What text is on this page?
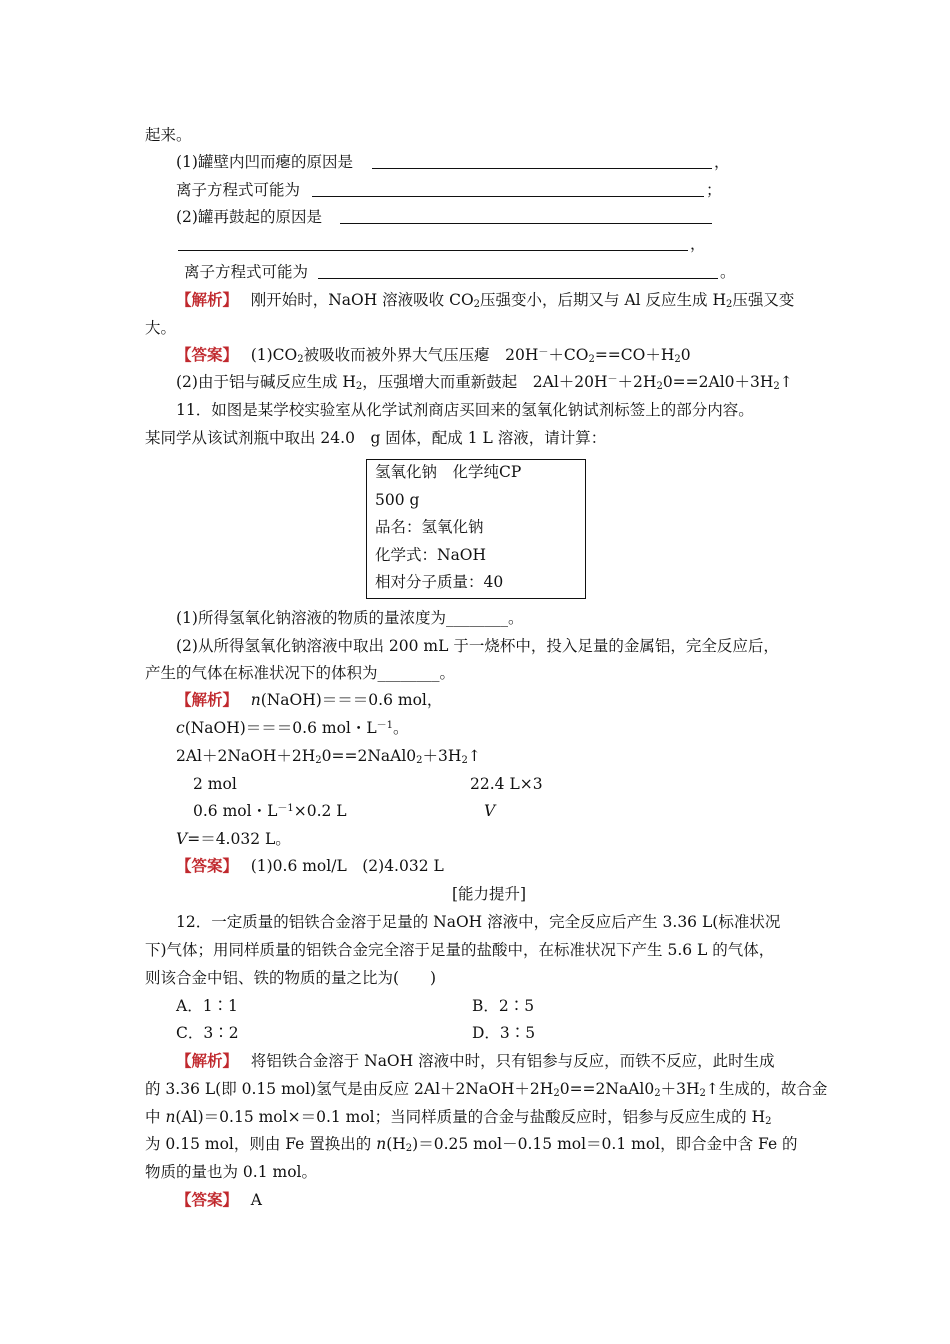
起来。
(1)罐壁内凹而瘪的原因是	，
离子方程式可能为	；
(2)罐再鼓起的原因是
，
离子方程式可能为	。
【解析】　 刚开始时，NaOH 溶液吸收 $CO_2$压强变小，后期又与 Al 反应生成 $H_2$压强又变
大。
【答案】　 $(1)CO_2$被吸收而被外界大气压压瘪　$20H^-+CO_2==CO+H_20$
(2)由于铝与碱反应生成 $H_2$，压强增大而重新鼓起　$2Al+20H^-+2H_20==2Al0+3H_2↑$
11．如图是某学校实验室从化学试剂商店买回来的氢氧化钠试剂标签上的部分内容。
某同学从该试剂瓶中取出 24.0　g 固体，配成 1 L 溶液，请计算：
氢氧化钠　化学纯CP
500 g
品名：氢氧化钠
化学式：NaOH
相对分子质量：40
(1)所得氢氧化钠溶液的物质的量浓度为________。
(2)从所得氢氧化钠溶液中取出 200 mL 于一烧杯中，投入足量的金属铝，完全反应后，
产生的气体在标准状况下的体积为________。
【解析】　 n(NaOH)＝＝＝0.6 mol，
c(NaOH)＝＝＝0.6 mol・$L^{-1}$。
$2Al+2NaOH+2H_20==2NaAl0_2+3H_2↑$
2 mol	22.4 L×3
0.6 mol・$L^{-1}\times 0.2$ L	V
V=＝4.032 L。
【答案】　 (1)0.6 mol/L　(2)4.032 L
[能力提升]
12．一定质量的铝铁合金溶于足量的 NaOH 溶液中，完全反应后产生 3.36 L(标准状况
下)气体；用同样质量的铝铁合金完全溶于足量的盐酸中，在标准状况下产生 5.6 L 的气体，
则该合金中铝、铁的物质的量之比为(　　)
A．1∶1	B．2∶5
C．3∶2	D．3∶5
【解析】　 将铝铁合金溶于 NaOH 溶液中时，只有铝参与反应，而铁不反应，此时生成
的 3.36 L(即 0.15 mol)氢气是由反应 $2Al+2NaOH+2H_20==2NaAl0_2+3H_2↑$生成的，故合金
中 n(Al)＝0.15 mol×＝0.1 mol；当同样质量的合金与盐酸反应时，铝参与反应生成的 $H_2$
为 0.15 mol，则由 Fe 置换出的 $n(H_2)=0.25$ mol－0.15 mol＝0.1 mol，即合金中含 Fe 的
物质的量也为 0.1 mol。
【答案】　 A
